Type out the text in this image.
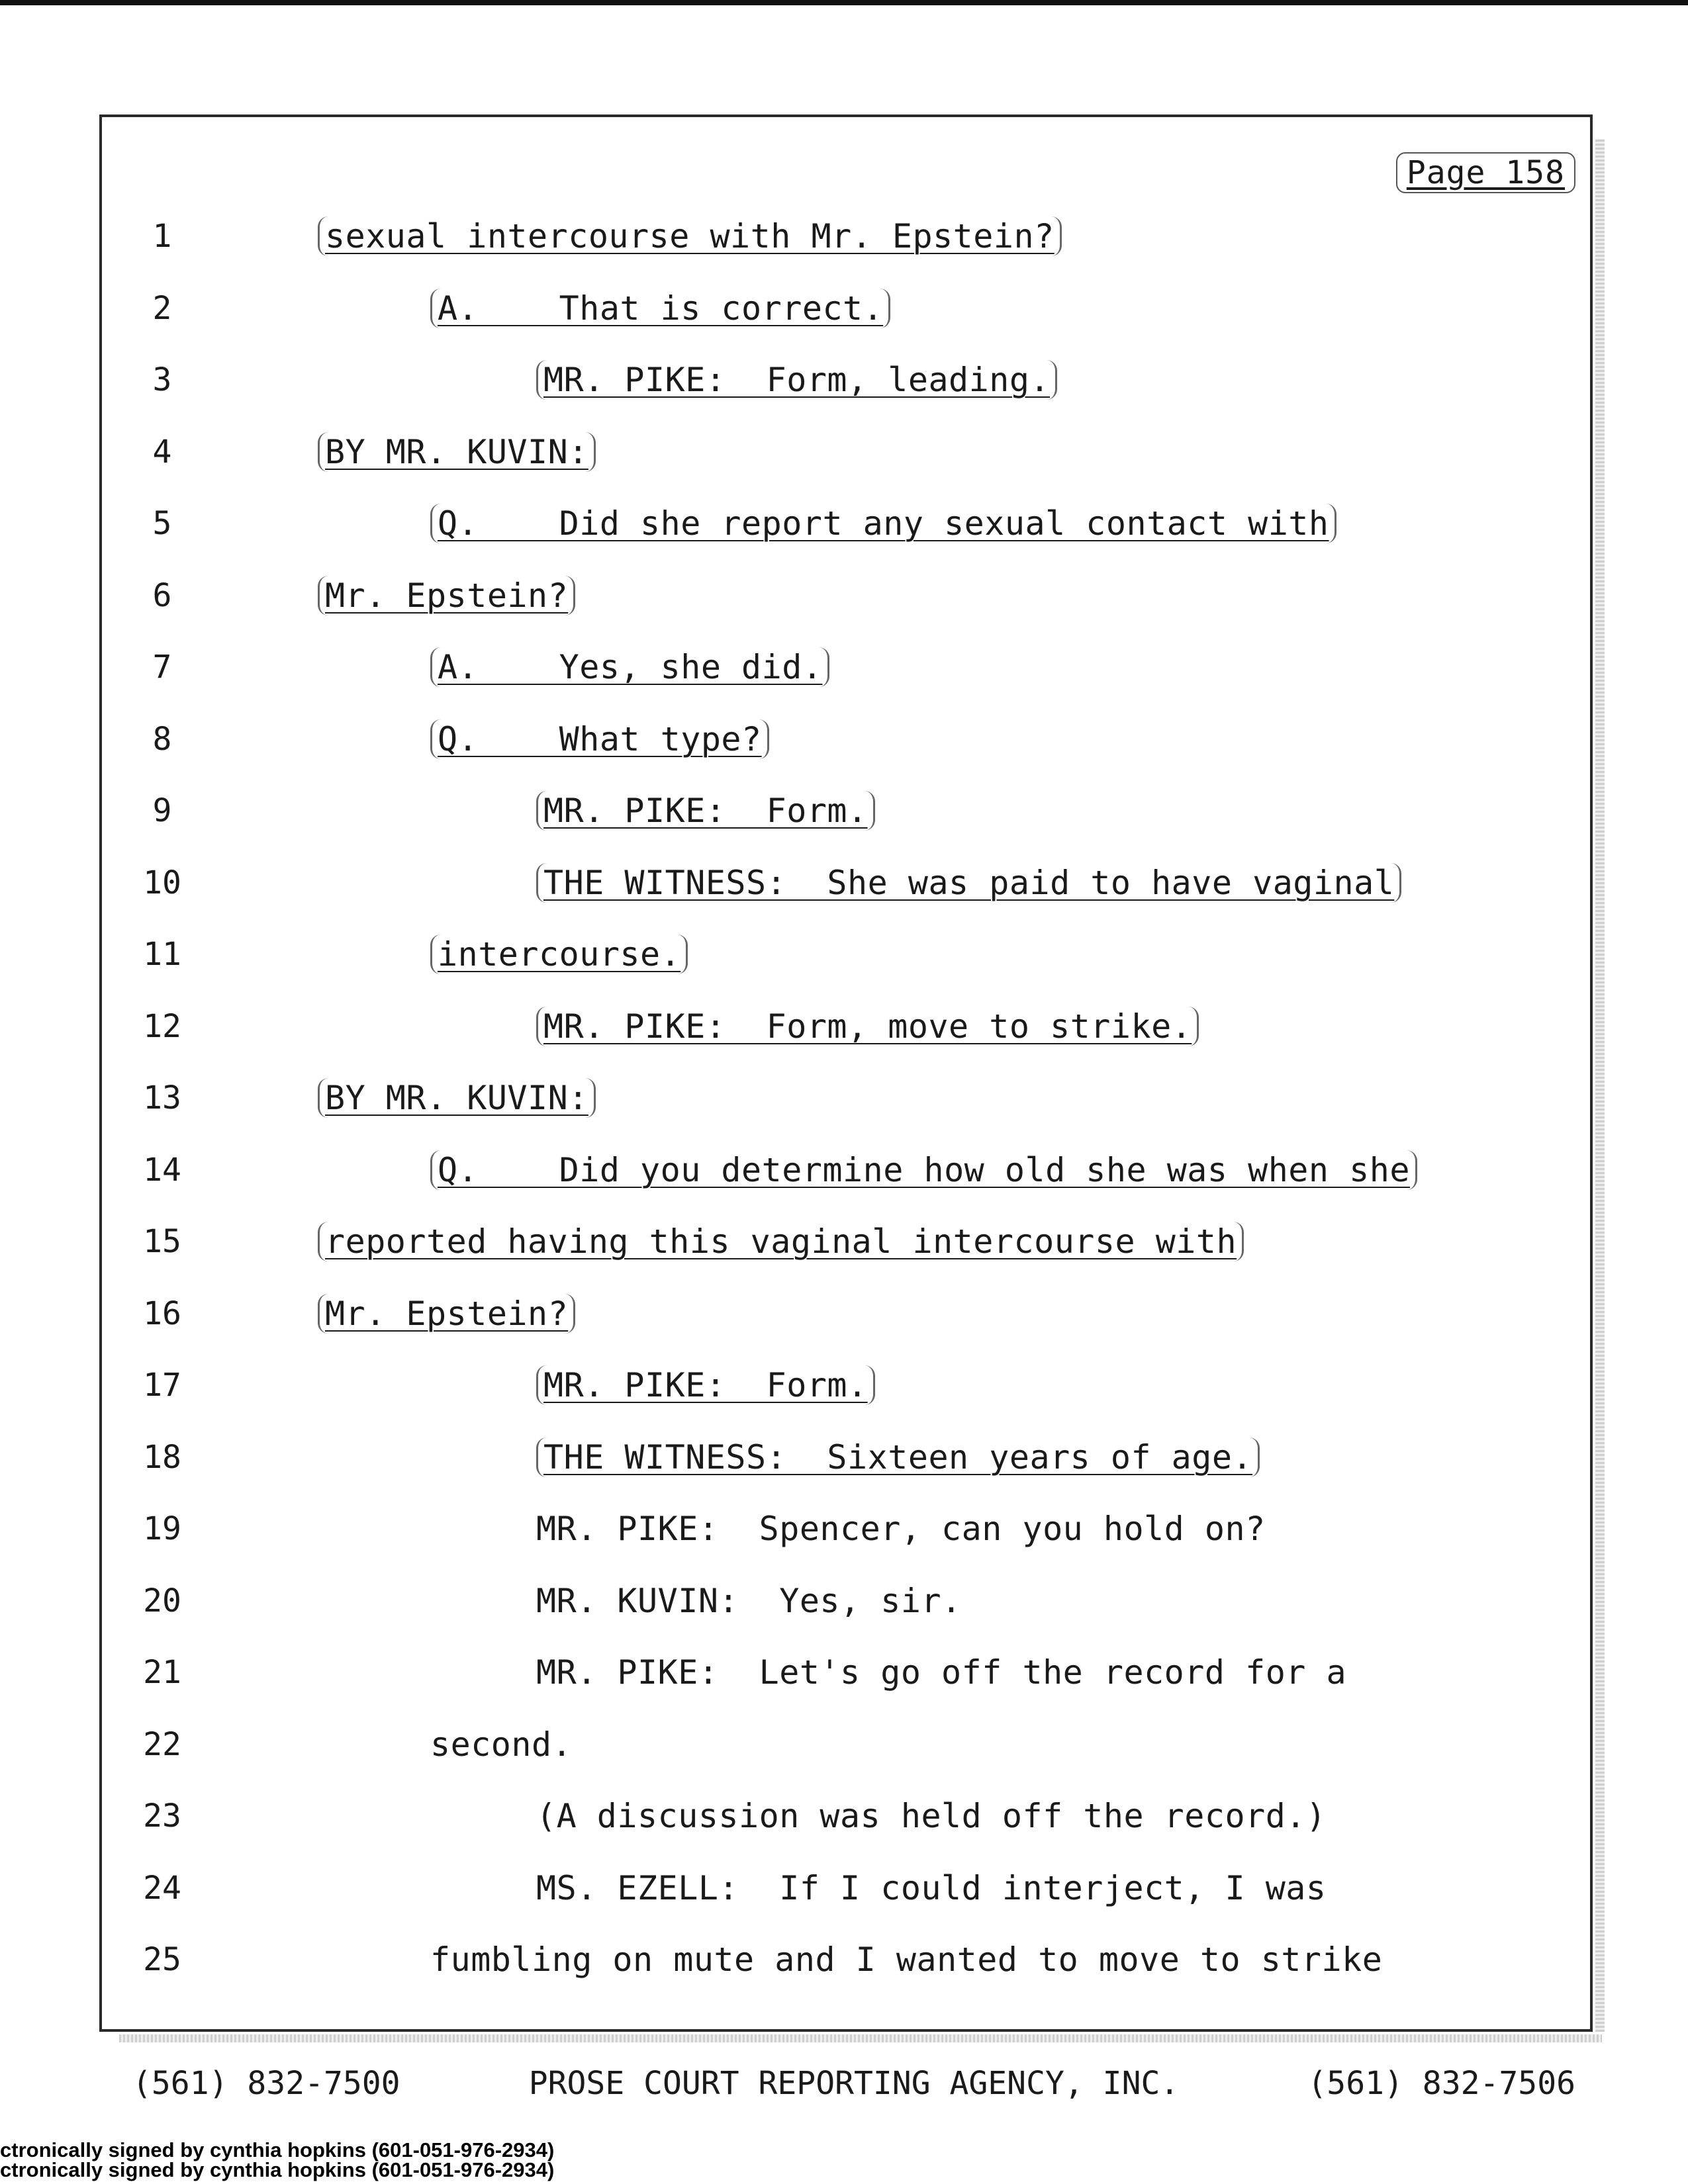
Page 158
1	sexual intercourse with Mr. Epstein?
2	A.    That is correct.
3	MR. PIKE:  Form, leading.
4	BY MR. KUVIN:
5	Q.    Did she report any sexual contact with
6	Mr. Epstein?
7	A.    Yes, she did.
8	Q.    What type?
9	MR. PIKE:  Form.
10	THE WITNESS:  She was paid to have vaginal
11	intercourse.
12	MR. PIKE:  Form, move to strike.
13	BY MR. KUVIN:
14	Q.    Did you determine how old she was when she
15	reported having this vaginal intercourse with
16	Mr. Epstein?
17	MR. PIKE:  Form.
18	THE WITNESS:  Sixteen years of age.
19	MR. PIKE:  Spencer, can you hold on?
20	MR. KUVIN:  Yes, sir.
21	MR. PIKE:  Let's go off the record for a
22	second.
23	(A discussion was held off the record.)
24	MS. EZELL:  If I could interject, I was
25	fumbling on mute and I wanted to move to strike
(561) 832-7500	PROSE COURT REPORTING AGENCY, INC.	(561) 832-7506
ctronically signed by cynthia hopkins (601-051-976-2934)
ctronically signed by cynthia hopkins (601-051-976-2934)
